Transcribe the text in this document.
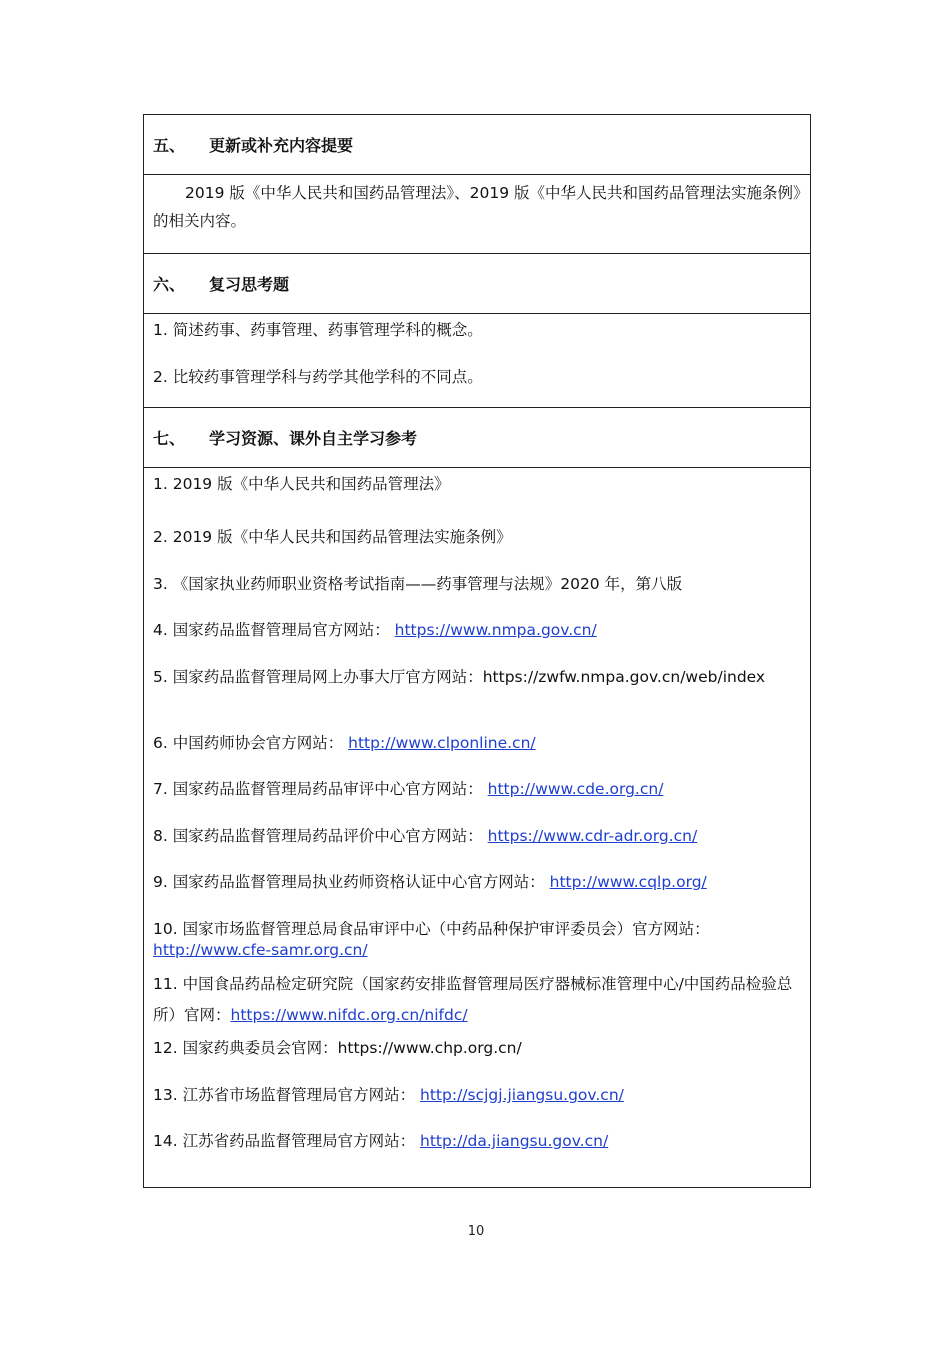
五、	更新或补充内容提要
2019 版《中华人民共和国药品管理法》、2019 版《中华人民共和国药品管理法实施条例》的相关内容。
六、	复习思考题
1. 简述药事、药事管理、药事管理学科的概念。
2. 比较药事管理学科与药学其他学科的不同点。
七、	学习资源、课外自主学习参考
1. 2019 版《中华人民共和国药品管理法》
2. 2019 版《中华人民共和国药品管理法实施条例》
3. 《国家执业药师职业资格考试指南——药事管理与法规》2020 年，第八版
4. 国家药品监督管理局官方网站： https://www.nmpa.gov.cn/
5. 国家药品监督管理局网上办事大厅官方网站：https://zwfw.nmpa.gov.cn/web/index
6. 中国药师协会官方网站： http://www.clponline.cn/
7. 国家药品监督管理局药品审评中心官方网站： http://www.cde.org.cn/
8. 国家药品监督管理局药品评价中心官方网站： https://www.cdr-adr.org.cn/
9. 国家药品监督管理局执业药师资格认证中心官方网站： http://www.cqlp.org/
10. 国家市场监督管理总局食品审评中心（中药品种保护审评委员会）官方网站：
http://www.cfe-samr.org.cn/
11. 中国食品药品检定研究院（国家药安排监督管理局医疗器械标准管理中心/中国药品检验总所）官网：https://www.nifdc.org.cn/nifdc/
12. 国家药典委员会官网：https://www.chp.org.cn/
13. 江苏省市场监督管理局官方网站： http://scjgj.jiangsu.gov.cn/
14. 江苏省药品监督管理局官方网站： http://da.jiangsu.gov.cn/
10
